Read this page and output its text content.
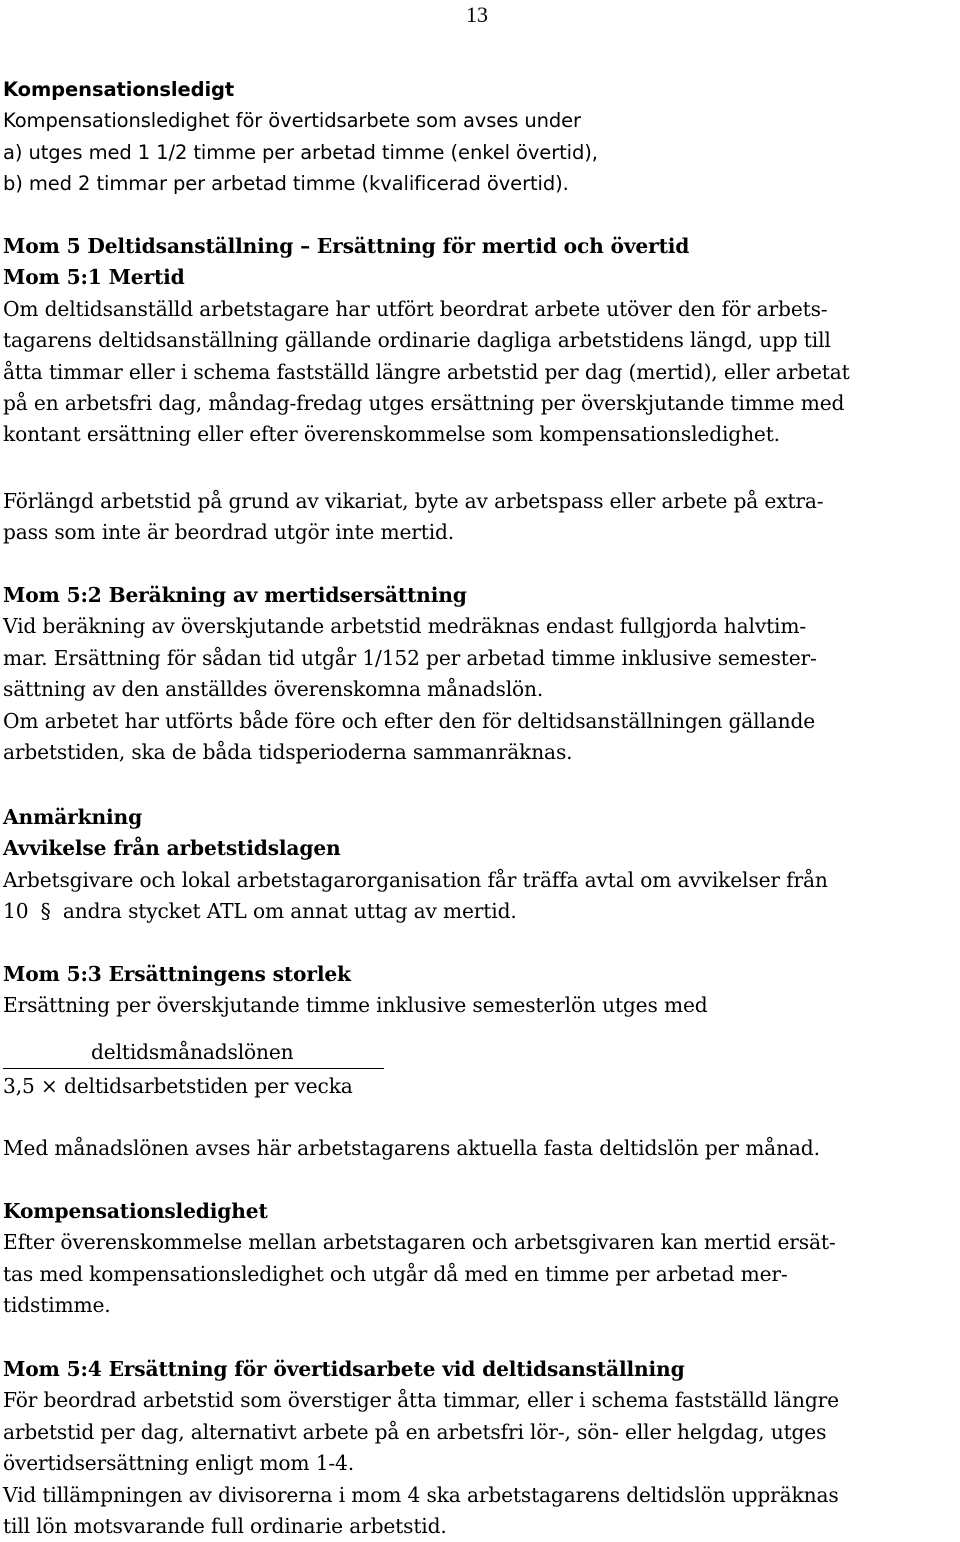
13
Kompensationsledigt
Kompensationsledighet för övertidsarbete som avses under
a) utges med 1 1/2 timme per arbetad timme (enkel övertid),
b) med 2 timmar per arbetad timme (kvalificerad övertid).
Mom 5 Deltidsanställning – Ersättning för mertid och övertid
Mom 5:1 Mertid
Om deltidsanställd arbetstagare har utfört beordrat arbete utöver den för arbets-
tagarens deltidsanställning gällande ordinarie dagliga arbetstidens längd, upp till
åtta timmar eller i schema fastställd längre arbetstid per dag (mertid), eller arbetat
på en arbetsfri dag, måndag-fredag utges ersättning per överskjutande timme med
kontant ersättning eller efter överenskommelse som kompensationsledighet.
Förlängd arbetstid på grund av vikariat, byte av arbetspass eller arbete på extra-
pass som inte är beordrad utgör inte mertid.
Mom 5:2 Beräkning av mertidsersättning
Vid beräkning av överskjutande arbetstid medräknas endast fullgjorda halvtim-
mar. Ersättning för sådan tid utgår 1/152 per arbetad timme inklusive semester-
sättning av den anställdes överenskomna månadslön.
Om arbetet har utförts både före och efter den för deltidsanställningen gällande
arbetstiden, ska de båda tidsperioderna sammanräknas.
Anmärkning
Avvikelse från arbetstidslagen
Arbetsgivare och lokal arbetstagarorganisation får träffa avtal om avvikelser från
10 § andra stycket ATL om annat uttag av mertid.
Mom 5:3 Ersättningens storlek
Ersättning per överskjutande timme inklusive semesterlön utges med
deltidsmånadslönen
3,5 × deltidsarbetstiden per vecka
Med månadslönen avses här arbetstagarens aktuella fasta deltidslön per månad.
Kompensationsledighet
Efter överenskommelse mellan arbetstagaren och arbetsgivaren kan mertid ersät-
tas med kompensationsledighet och utgår då med en timme per arbetad mer-
tidstimme.
Mom 5:4 Ersättning för övertidsarbete vid deltidsanställning
För beordrad arbetstid som överstiger åtta timmar, eller i schema fastställd längre
arbetstid per dag, alternativt arbete på en arbetsfri lör-, sön- eller helgdag, utges
övertidsersättning enligt mom 1-4.
Vid tillämpningen av divisorerna i mom 4 ska arbetstagarens deltidslön uppräknas
till lön motsvarande full ordinarie arbetstid.
